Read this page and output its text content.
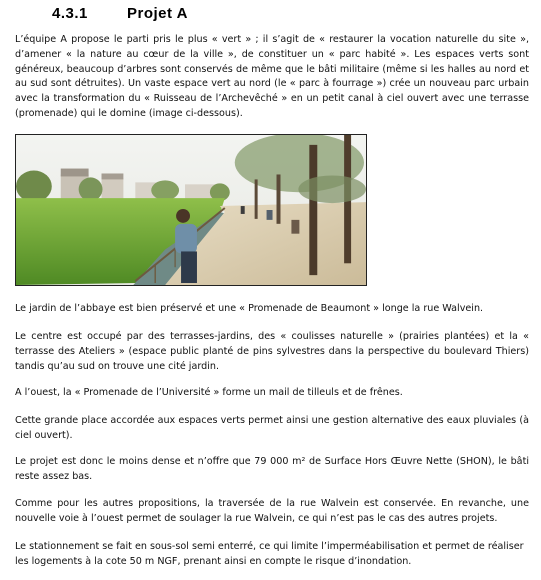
4.3.1	Projet A

L’équipe A propose le parti pris le plus « vert » ; il s’agit de « restaurer la vocation naturelle du site », d’amener « la nature au cœur de la ville », de constituer un « parc habité ». Les espaces verts sont généreux, beaucoup d’arbres sont conservés de même que le bâti militaire (même si les halles au nord et au sud sont détruites). Un vaste espace vert au nord (le « parc à fourrage ») crée un nouveau parc urbain avec la transformation du « Ruisseau de l’Archevêché » en un petit canal à ciel ouvert avec une terrasse (promenade) qui le domine (image ci-dessous).

Le jardin de l’abbaye est bien préservé et une « Promenade de Beaumont » longe la rue Walvein.

Le centre est occupé par des terrasses-jardins, des « coulisses naturelle » (prairies plantées) et la « terrasse des Ateliers » (espace public planté de pins sylvestres dans la perspective du boulevard Thiers) tandis qu’au sud on trouve une cité jardin.

A l’ouest, la « Promenade de l’Université » forme un mail de tilleuls et de frênes.

Cette grande place accordée aux espaces verts permet ainsi une gestion alternative des eaux pluviales (à ciel ouvert).

Le projet est donc le moins dense et n’offre que 79 000 m² de Surface Hors Œuvre Nette (SHON), le bâti reste assez bas.

Comme pour les autres propositions, la traversée de la rue Walvein est conservée. En revanche, une nouvelle voie à l’ouest permet de soulager la rue Walvein, ce qui n’est pas le cas des autres projets.

Le stationnement se fait en sous-sol semi enterré, ce qui limite l’imperméabilisation et permet de réaliser les logements à la cote 50 m NGF, prenant ainsi en compte le risque d’inondation.
